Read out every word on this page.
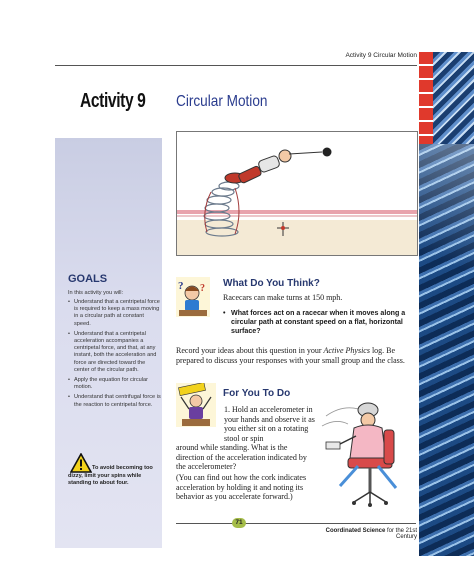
Activity 9 Circular Motion
Activity 9 Circular Motion
GOALS
In this activity you will:
• Understand that a centripetal force is required to keep a mass moving in a circular path at constant speed.
• Understand that a centripetal acceleration accompanies a centripetal force, and that, at any instant, both the acceleration and force are directed toward the center of the circular path.
• Apply the equation for circular motion.
• Understand that centrifugal force is the reaction to centripetal force.
To avoid becoming too dizzy, limit your spins while standing to about four.
? ? What Do You Think?
Racecars can make turns at 150 mph.
• What forces act on a racecar when it moves along a circular path at constant speed on a flat, horizontal surface?
Record your ideas about this question in your Active Physics log. Be prepared to discuss your responses with your small group and the class.
For You To Do
1. Hold an accelerometer in your hands and observe it as you either sit on a rotating stool or spin
around while standing. What is the direction of the acceleration indicated by the accelerometer?
(You can find out how the cork indicates acceleration by holding it and noting its behavior as you accelerate forward.)
71
Coordinated Science for the 21st Century
